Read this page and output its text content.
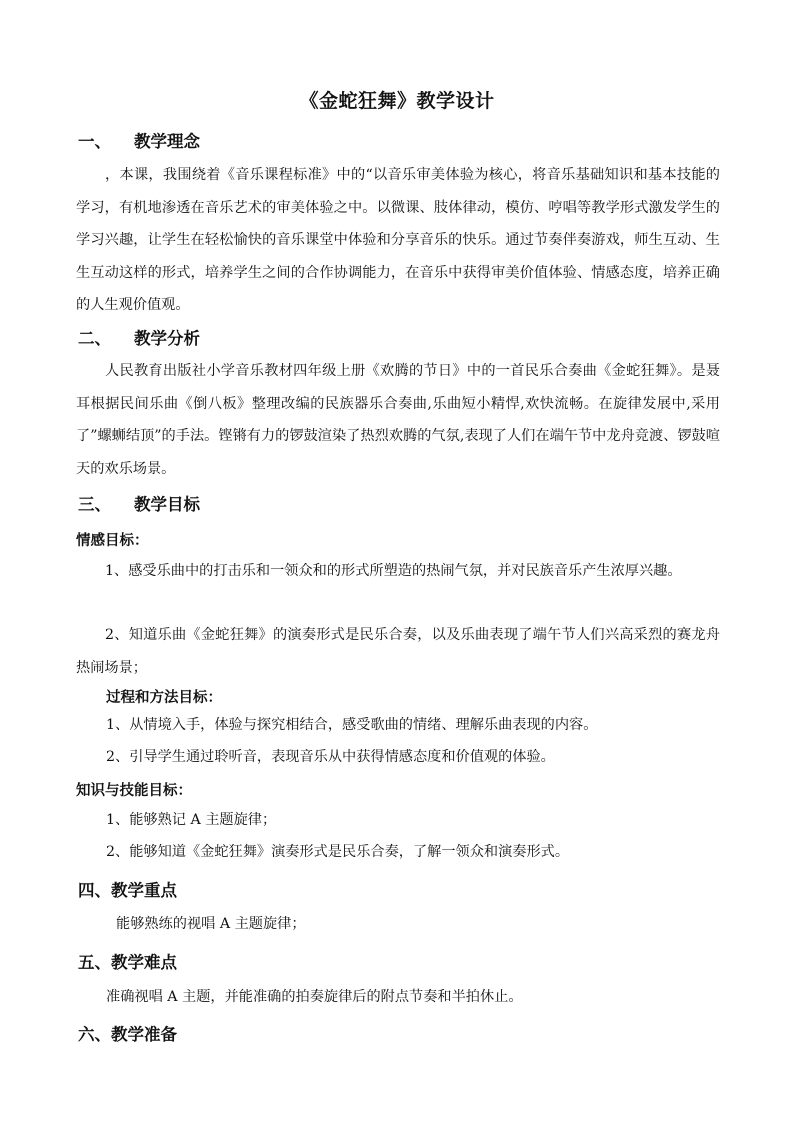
《金蛇狂舞》教学设计
一、 教学理念

，本课，我围绕着《音乐课程标准》中的“以音乐审美体验为核心，将音乐基础知识和基本技能的学习，有机地渗透在音乐艺术的审美体验之中。以微课、肢体律动，模仿、哼唱等教学形式激发学生的学习兴趣，让学生在轻松愉快的音乐课堂中体验和分享音乐的快乐。通过节奏伴奏游戏，师生互动、生生互动这样的形式，培养学生之间的合作协调能力，在音乐中获得审美价值体验、情感态度，培养正确的人生观价值观。

二、 教学分析

人民教育出版社小学音乐教材四年级上册《欢腾的节日》中的一首民乐合奏曲《金蛇狂舞》。是聂耳根据民间乐曲《倒八板》整理改编的民族器乐合奏曲,乐曲短小精悍,欢快流畅。在旋律发展中,采用了”螺蛳结顶”的手法。铿锵有力的锣鼓渲染了热烈欢腾的气氛,表现了人们在端午节中龙舟竞渡、锣鼓喧天的欢乐场景。

三、 教学目标
情感目标：

1、感受乐曲中的打击乐和一领众和的形式所塑造的热闹气氛，并对民族音乐产生浓厚兴趣。

2、知道乐曲《金蛇狂舞》的演奏形式是民乐合奏，以及乐曲表现了端午节人们兴高采烈的赛龙舟热闹场景；

过程和方法目标：

1、从情境入手，体验与探究相结合，感受歌曲的情绪、理解乐曲表现的内容。

2、引导学生通过聆听音，表现音乐从中获得情感态度和价值观的体验。

知识与技能目标：

1、能够熟记 A 主题旋律；

2、能够知道《金蛇狂舞》演奏形式是民乐合奏，了解一领众和演奏形式。

四、教学重点

能够熟练的视唱 A 主题旋律；

五、教学难点

准确视唱 A 主题，并能准确的拍奏旋律后的附点节奏和半拍休止。

六、教学准备
